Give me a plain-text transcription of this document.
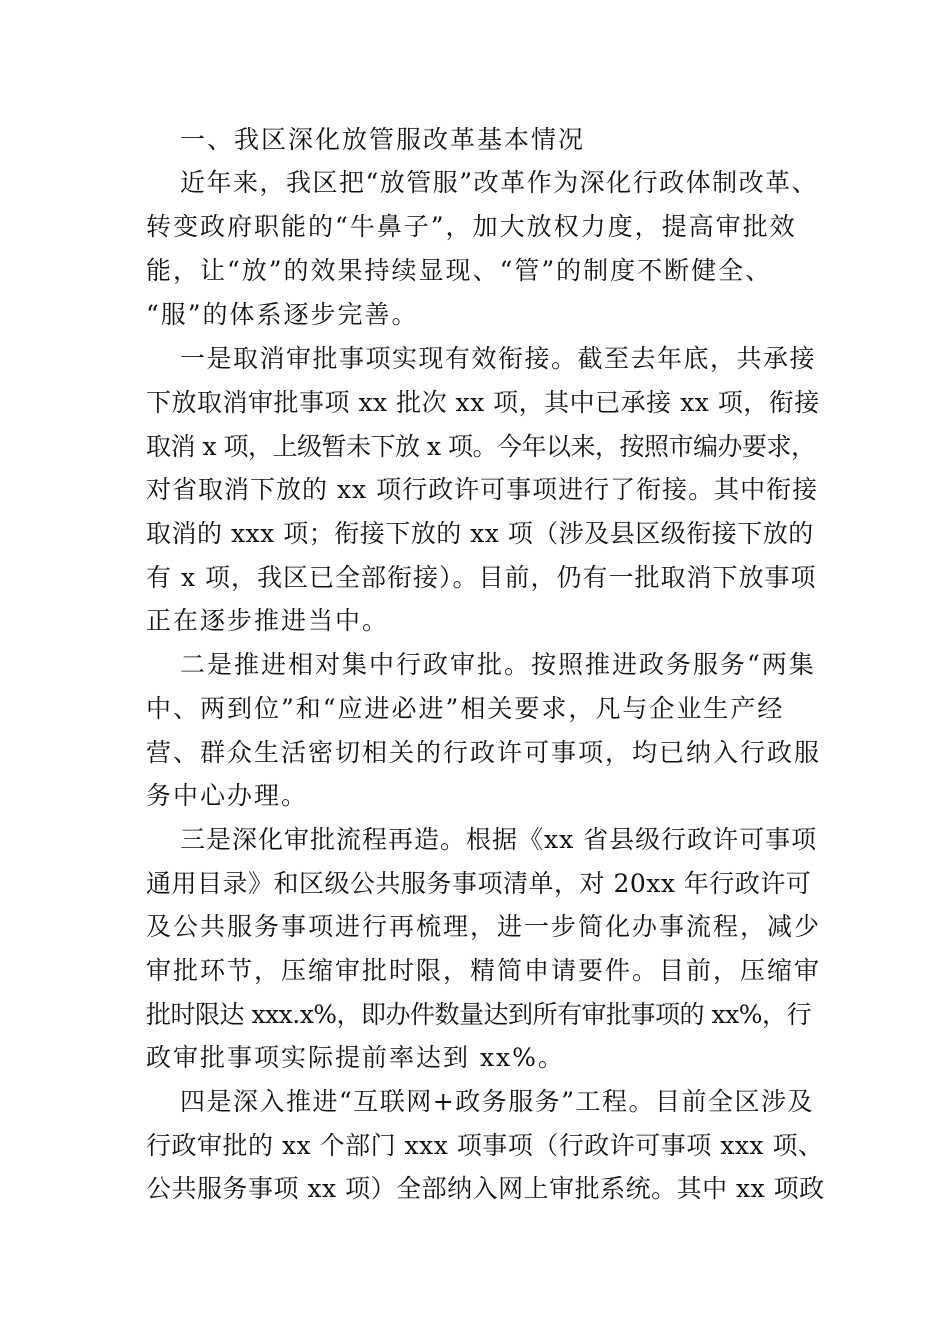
一、我区深化放管服改革基本情况
近年来，我区把“放管服”改革作为深化行政体制改革、
转变政府职能的“牛鼻子”，加大放权力度，提高审批效
能，让“放”的效果持续显现、“管”的制度不断健全、
“服”的体系逐步完善。
一是取消审批事项实现有效衔接。截至去年底，共承接
下放取消审批事项 xx 批次 xx 项，其中已承接 xx 项，衔接
取消 x 项，上级暂未下放 x 项。今年以来，按照市编办要求，
对省取消下放的 xx 项行政许可事项进行了衔接。其中衔接
取消的 xxx 项；衔接下放的 xx 项（涉及县区级衔接下放的
有 x 项，我区已全部衔接）。目前，仍有一批取消下放事项
正在逐步推进当中。
二是推进相对集中行政审批。按照推进政务服务“两集
中、两到位”和“应进必进”相关要求，凡与企业生产经
营、群众生活密切相关的行政许可事项，均已纳入行政服
务中心办理。
三是深化审批流程再造。根据《xx 省县级行政许可事项
通用目录》和区级公共服务事项清单，对 20xx 年行政许可
及公共服务事项进行再梳理，进一步简化办事流程，减少
审批环节，压缩审批时限，精简申请要件。目前，压缩审
批时限达 xxx.x%，即办件数量达到所有审批事项的 xx%，行
政审批事项实际提前率达到 xx%。
四是深入推进“互联网+政务服务”工程。目前全区涉及
行政审批的 xx 个部门 xxx 项事项（行政许可事项 xxx 项、
公共服务事项 xx 项）全部纳入网上审批系统。其中 xx 项政
